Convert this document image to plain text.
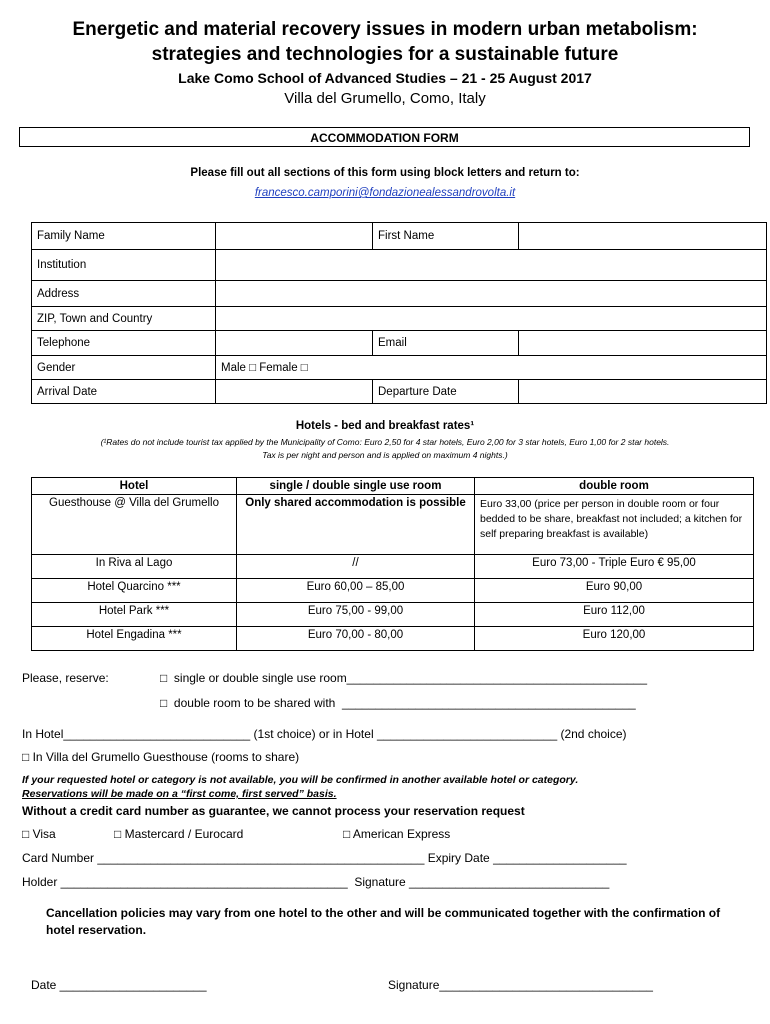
Energetic and material recovery issues in modern urban metabolism:
strategies and technologies for a sustainable future
Lake Como School of Advanced Studies – 21 - 25 August 2017
Villa del Grumello, Como, Italy
ACCOMMODATION FORM
Please fill out all sections of this form using block letters and return to:
francesco.camporini@fondazionealessandrovolta.it
Family Name		First Name	
Institution			
Address			
ZIP, Town and Country			
Telephone		Email	
Gender	Male □ Female □		
Arrival Date		Departure Date	
Hotels - bed and breakfast rates¹
(¹Rates do not include tourist tax applied by the Municipality of Como: Euro 2,50 for 4 star hotels, Euro 2,00 for 3 star hotels, Euro 1,00 for 2 star hotels.
Tax is per night and person and is applied on maximum 4 nights.)
Hotel	single / double single use room	double room
Guesthouse @ Villa del Grumello	Only shared accommodation is possible	Euro 33,00 (price per person in double room or four bedded to be share, breakfast not included; a kitchen for self preparing breakfast is available)
In Riva al Lago	//	Euro 73,00 - Triple Euro € 95,00
Hotel Quarcino ***	Euro 60,00 – 85,00	Euro 90,00
Hotel Park ***	Euro 75,00 - 99,00	Euro 112,00
Hotel Engadina ***	Euro 70,00 - 80,00	Euro 120,00
Please, reserve:	□  single or double single use room_____________________________________________
□  double room to be shared with  ____________________________________________
In Hotel____________________________ (1st choice) or in Hotel ___________________________ (2nd choice)
□ In Villa del Grumello Guesthouse (rooms to share)
If your requested hotel or category is not available, you will be confirmed in another available hotel or category.
Reservations will be made on a “first come, first served” basis.
Without a credit card number as guarantee, we cannot process your reservation request
□ Visa	□ Mastercard / Eurocard	□ American Express
Card Number _________________________________________________ Expiry Date ____________________
Holder ___________________________________________  Signature ______________________________
Cancellation policies may vary from one hotel to the other and will be communicated together with the confirmation of hotel reservation.
Date ______________________	Signature________________________________
